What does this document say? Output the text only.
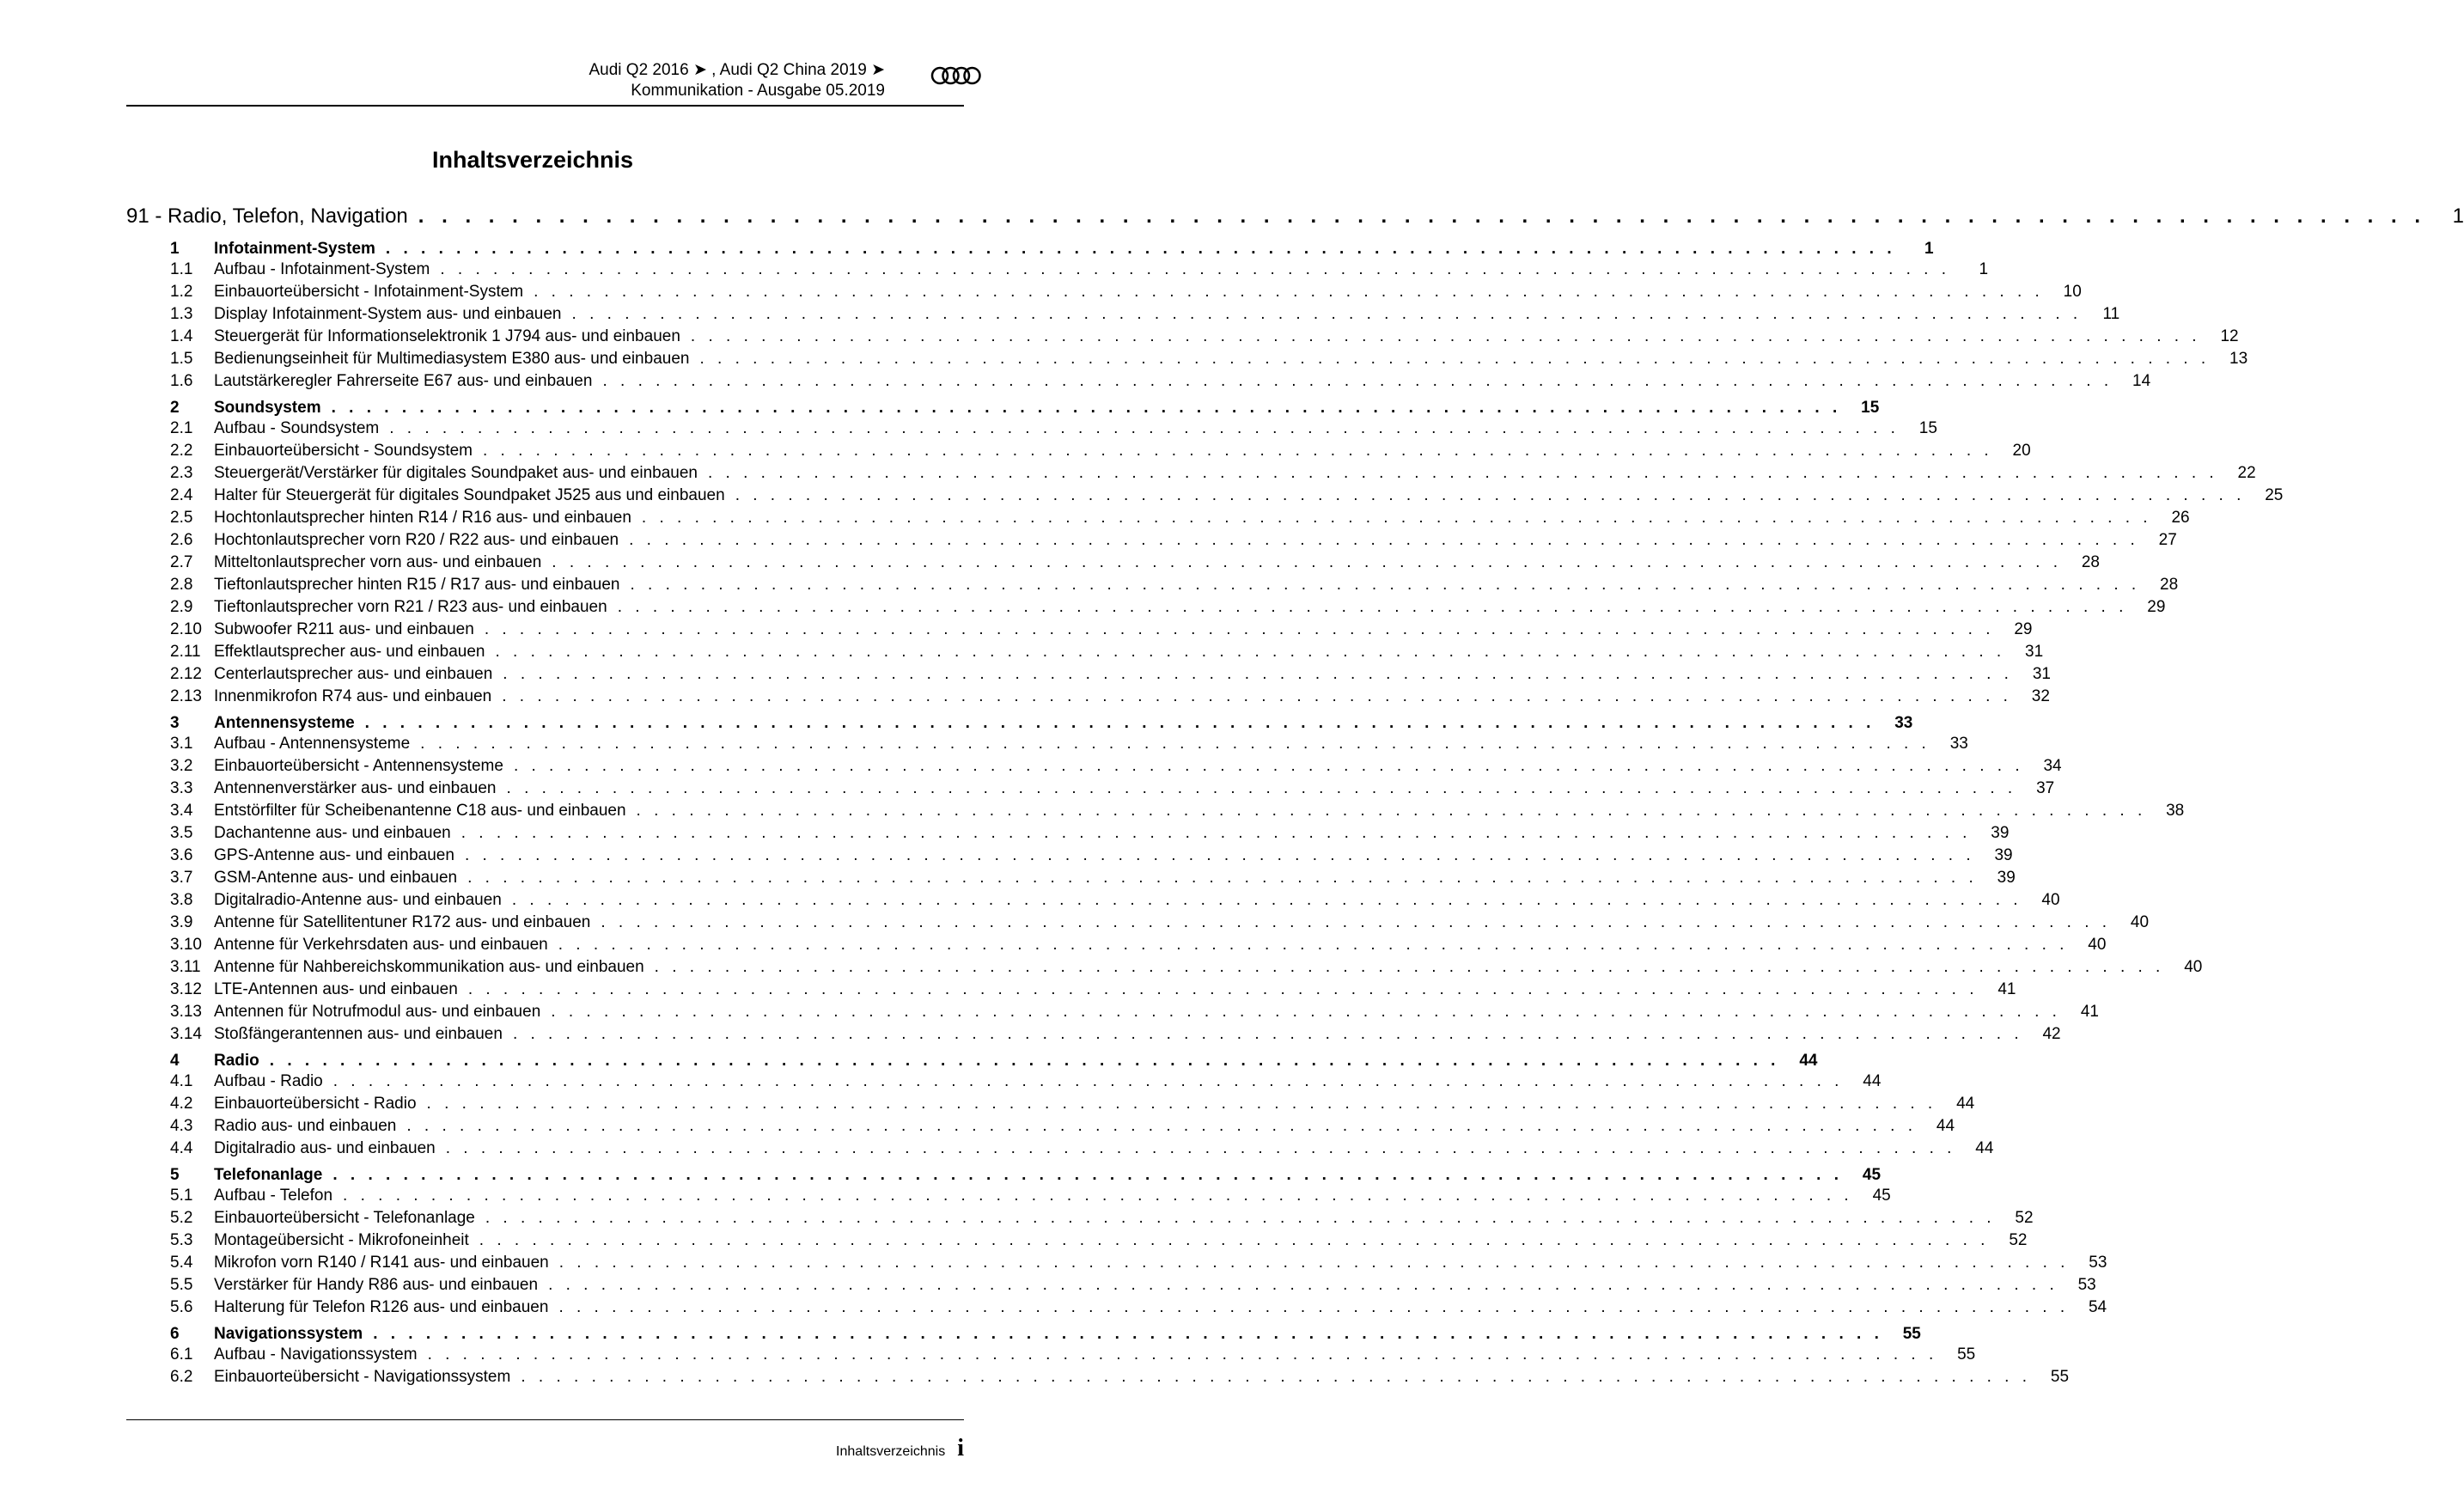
Audi Q2 2016 ➤ , Audi Q2 China 2019 ➤
Kommunikation - Ausgabe 05.2019
Inhaltsverzeichnis
91 - Radio, Telefon, Navigation . . . . . . . . . . . . . . . . . . . . . . . . . . . . . . . . . . . . . . . . . . . . . . . . . . . . . . . . . . . . . . . . . . . . . . . . . . . . . . . . . . . . . .	1
1	Infotainment-System . . . . . . . . . . . . . . . . . . . . . . . . . . . . . . . . . . . . . . . . . . . . . . . . . . . . . . . . . . . . . . . . . . . . . . . . . . . . . . . . . . . . . .	1
1.1	Aufbau - Infotainment-System . . . . . . . . . . . . . . . . . . . . . . . . . . . . . . . . . . . . . . . . . . . . . . . . . . . . . . . . . . . . . . . . . . . . . . . . . . . . . . . . . . . . . .	1
1.2	Einbauorteübersicht - Infotainment-System . . . . . . . . . . . . . . . . . . . . . . . . . . . . . . . . . . . . . . . . . . . . . . . . . . . . . . . . . . . . . . . . . . . . . . . . . . . . . . . . . . . . . .	10
1.3	Display Infotainment-System aus- und einbauen . . . . . . . . . . . . . . . . . . . . . . . . . . . . . . . . . . . . . . . . . . . . . . . . . . . . . . . . . . . . . . . . . . . . . . . . . . . . . . . . . . . . . .	11
1.4	Steuergerät für Informationselektronik 1 J794 aus- und einbauen . . . . . . . . . . . . . . . . . . . . . . . . . . . . . . . . . . . . . . . . . . . . . . . . . . . . . . . . . . . . . . . . . . . . . . . . . . . . . . . . . . . . . .	12
1.5	Bedienungseinheit für Multimediasystem E380 aus- und einbauen . . . . . . . . . . . . . . . . . . . . . . . . . . . . . . . . . . . . . . . . . . . . . . . . . . . . . . . . . . . . . . . . . . . . . . . . . . . . . . . . . . . . . .	13
1.6	Lautstärkeregler Fahrerseite E67 aus- und einbauen . . . . . . . . . . . . . . . . . . . . . . . . . . . . . . . . . . . . . . . . . . . . . . . . . . . . . . . . . . . . . . . . . . . . . . . . . . . . . . . . . . . . . .	14
2	Soundsystem . . . . . . . . . . . . . . . . . . . . . . . . . . . . . . . . . . . . . . . . . . . . . . . . . . . . . . . . . . . . . . . . . . . . . . . . . . . . . . . . . . . . . .	15
2.1	Aufbau - Soundsystem . . . . . . . . . . . . . . . . . . . . . . . . . . . . . . . . . . . . . . . . . . . . . . . . . . . . . . . . . . . . . . . . . . . . . . . . . . . . . . . . . . . . . .	15
2.2	Einbauorteübersicht - Soundsystem . . . . . . . . . . . . . . . . . . . . . . . . . . . . . . . . . . . . . . . . . . . . . . . . . . . . . . . . . . . . . . . . . . . . . . . . . . . . . . . . . . . . . .	20
2.3	Steuergerät/Verstärker für digitales Soundpaket aus- und einbauen . . . . . . . . . . . . . . . . . . . . . . . . . . . . . . . . . . . . . . . . . . . . . . . . . . . . . . . . . . . . . . . . . . . . . . . . . . . . . . . . . . . . . .	22
2.4	Halter für Steuergerät für digitales Soundpaket J525 aus und einbauen . . . . . . . . . . . . . . . . . . . . . . . . . . . . . . . . . . . . . . . . . . . . . . . . . . . . . . . . . . . . . . . . . . . . . . . . . . . . . . . . . . . . . .	25
2.5	Hochtonlautsprecher hinten R14 / R16 aus- und einbauen . . . . . . . . . . . . . . . . . . . . . . . . . . . . . . . . . . . . . . . . . . . . . . . . . . . . . . . . . . . . . . . . . . . . . . . . . . . . . . . . . . . . . .	26
2.6	Hochtonlautsprecher vorn R20 / R22 aus- und einbauen . . . . . . . . . . . . . . . . . . . . . . . . . . . . . . . . . . . . . . . . . . . . . . . . . . . . . . . . . . . . . . . . . . . . . . . . . . . . . . . . . . . . . .	27
2.7	Mitteltonlautsprecher vorn aus- und einbauen . . . . . . . . . . . . . . . . . . . . . . . . . . . . . . . . . . . . . . . . . . . . . . . . . . . . . . . . . . . . . . . . . . . . . . . . . . . . . . . . . . . . . .	28
2.8	Tieftonlautsprecher hinten R15 / R17 aus- und einbauen . . . . . . . . . . . . . . . . . . . . . . . . . . . . . . . . . . . . . . . . . . . . . . . . . . . . . . . . . . . . . . . . . . . . . . . . . . . . . . . . . . . . . .	28
2.9	Tieftonlautsprecher vorn R21 / R23 aus- und einbauen . . . . . . . . . . . . . . . . . . . . . . . . . . . . . . . . . . . . . . . . . . . . . . . . . . . . . . . . . . . . . . . . . . . . . . . . . . . . . . . . . . . . . .	29
2.10 Subwoofer R211 aus- und einbauen . . . . . . . . . . . . . . . . . . . . . . . . . . . . . . . . . . . . . . . . . . . . . . . . . . . . . . . . . . . . . . . . . . . . . . . . . . . . . . . . . . . . . .	29
2.11 Effektlautsprecher aus- und einbauen . . . . . . . . . . . . . . . . . . . . . . . . . . . . . . . . . . . . . . . . . . . . . . . . . . . . . . . . . . . . . . . . . . . . . . . . . . . . . . . . . . . . . .	31
2.12 Centerlautsprecher aus- und einbauen . . . . . . . . . . . . . . . . . . . . . . . . . . . . . . . . . . . . . . . . . . . . . . . . . . . . . . . . . . . . . . . . . . . . . . . . . . . . . . . . . . . . . .	31
2.13 Innenmikrofon R74 aus- und einbauen . . . . . . . . . . . . . . . . . . . . . . . . . . . . . . . . . . . . . . . . . . . . . . . . . . . . . . . . . . . . . . . . . . . . . . . . . . . . . . . . . . . . . .	32
3	Antennensysteme . . . . . . . . . . . . . . . . . . . . . . . . . . . . . . . . . . . . . . . . . . . . . . . . . . . . . . . . . . . . . . . . . . . . . . . . . . . . . . . . . . . . . .	33
3.1	Aufbau - Antennensysteme . . . . . . . . . . . . . . . . . . . . . . . . . . . . . . . . . . . . . . . . . . . . . . . . . . . . . . . . . . . . . . . . . . . . . . . . . . . . . . . . . . . . . .	33
3.2	Einbauorteübersicht - Antennensysteme . . . . . . . . . . . . . . . . . . . . . . . . . . . . . . . . . . . . . . . . . . . . . . . . . . . . . . . . . . . . . . . . . . . . . . . . . . . . . . . . . . . . . .	34
3.3	Antennenverstärker aus- und einbauen . . . . . . . . . . . . . . . . . . . . . . . . . . . . . . . . . . . . . . . . . . . . . . . . . . . . . . . . . . . . . . . . . . . . . . . . . . . . . . . . . . . . . .	37
3.4	Entstörfilter für Scheibenantenne C18 aus- und einbauen . . . . . . . . . . . . . . . . . . . . . . . . . . . . . . . . . . . . . . . . . . . . . . . . . . . . . . . . . . . . . . . . . . . . . . . . . . . . . . . . . . . . . .	38
3.5	Dachantenne aus- und einbauen . . . . . . . . . . . . . . . . . . . . . . . . . . . . . . . . . . . . . . . . . . . . . . . . . . . . . . . . . . . . . . . . . . . . . . . . . . . . . . . . . . . . . .	39
3.6	GPS-Antenne aus- und einbauen . . . . . . . . . . . . . . . . . . . . . . . . . . . . . . . . . . . . . . . . . . . . . . . . . . . . . . . . . . . . . . . . . . . . . . . . . . . . . . . . . . . . . .	39
3.7	GSM-Antenne aus- und einbauen . . . . . . . . . . . . . . . . . . . . . . . . . . . . . . . . . . . . . . . . . . . . . . . . . . . . . . . . . . . . . . . . . . . . . . . . . . . . . . . . . . . . . .	39
3.8	Digitalradio-Antenne aus- und einbauen . . . . . . . . . . . . . . . . . . . . . . . . . . . . . . . . . . . . . . . . . . . . . . . . . . . . . . . . . . . . . . . . . . . . . . . . . . . . . . . . . . . . . .	40
3.9	Antenne für Satellitentuner R172 aus- und einbauen . . . . . . . . . . . . . . . . . . . . . . . . . . . . . . . . . . . . . . . . . . . . . . . . . . . . . . . . . . . . . . . . . . . . . . . . . . . . . . . . . . . . . .	40
3.10 Antenne für Verkehrsdaten aus- und einbauen . . . . . . . . . . . . . . . . . . . . . . . . . . . . . . . . . . . . . . . . . . . . . . . . . . . . . . . . . . . . . . . . . . . . . . . . . . . . . . . . . . . . . .	40
3.11 Antenne für Nahbereichskommunikation aus- und einbauen . . . . . . . . . . . . . . . . . . . . . . . . . . . . . . . . . . . . . . . . . . . . . . . . . . . . . . . . . . . . . . . . . . . . . . . . . . . . . . . . . . . . . .	40
3.12 LTE-Antennen aus- und einbauen . . . . . . . . . . . . . . . . . . . . . . . . . . . . . . . . . . . . . . . . . . . . . . . . . . . . . . . . . . . . . . . . . . . . . . . . . . . . . . . . . . . . . .	41
3.13 Antennen für Notrufmodul aus- und einbauen . . . . . . . . . . . . . . . . . . . . . . . . . . . . . . . . . . . . . . . . . . . . . . . . . . . . . . . . . . . . . . . . . . . . . . . . . . . . . . . . . . . . . .	41
3.14 Stoßfängerantennen aus- und einbauen . . . . . . . . . . . . . . . . . . . . . . . . . . . . . . . . . . . . . . . . . . . . . . . . . . . . . . . . . . . . . . . . . . . . . . . . . . . . . . . . . . . . . .	42
4	Radio . . . . . . . . . . . . . . . . . . . . . . . . . . . . . . . . . . . . . . . . . . . . . . . . . . . . . . . . . . . . . . . . . . . . . . . . . . . . . . . . . . . . . .	44
4.1	Aufbau - Radio . . . . . . . . . . . . . . . . . . . . . . . . . . . . . . . . . . . . . . . . . . . . . . . . . . . . . . . . . . . . . . . . . . . . . . . . . . . . . . . . . . . . . .	44
4.2	Einbauorteübersicht - Radio . . . . . . . . . . . . . . . . . . . . . . . . . . . . . . . . . . . . . . . . . . . . . . . . . . . . . . . . . . . . . . . . . . . . . . . . . . . . . . . . . . . . . .	44
4.3	Radio aus- und einbauen . . . . . . . . . . . . . . . . . . . . . . . . . . . . . . . . . . . . . . . . . . . . . . . . . . . . . . . . . . . . . . . . . . . . . . . . . . . . . . . . . . . . . .	44
4.4	Digitalradio aus- und einbauen . . . . . . . . . . . . . . . . . . . . . . . . . . . . . . . . . . . . . . . . . . . . . . . . . . . . . . . . . . . . . . . . . . . . . . . . . . . . . . . . . . . . . .	44
5	Telefonanlage . . . . . . . . . . . . . . . . . . . . . . . . . . . . . . . . . . . . . . . . . . . . . . . . . . . . . . . . . . . . . . . . . . . . . . . . . . . . . . . . . . . . . .	45
5.1	Aufbau - Telefon . . . . . . . . . . . . . . . . . . . . . . . . . . . . . . . . . . . . . . . . . . . . . . . . . . . . . . . . . . . . . . . . . . . . . . . . . . . . . . . . . . . . . .	45
5.2	Einbauorteübersicht - Telefonanlage . . . . . . . . . . . . . . . . . . . . . . . . . . . . . . . . . . . . . . . . . . . . . . . . . . . . . . . . . . . . . . . . . . . . . . . . . . . . . . . . . . . . . .	52
5.3	Montageübersicht - Mikrofoneinheit . . . . . . . . . . . . . . . . . . . . . . . . . . . . . . . . . . . . . . . . . . . . . . . . . . . . . . . . . . . . . . . . . . . . . . . . . . . . . . . . . . . . . .	52
5.4	Mikrofon vorn R140 / R141 aus- und einbauen . . . . . . . . . . . . . . . . . . . . . . . . . . . . . . . . . . . . . . . . . . . . . . . . . . . . . . . . . . . . . . . . . . . . . . . . . . . . . . . . . . . . . .	53
5.5	Verstärker für Handy R86 aus- und einbauen . . . . . . . . . . . . . . . . . . . . . . . . . . . . . . . . . . . . . . . . . . . . . . . . . . . . . . . . . . . . . . . . . . . . . . . . . . . . . . . . . . . . . .	53
5.6	Halterung für Telefon R126 aus- und einbauen . . . . . . . . . . . . . . . . . . . . . . . . . . . . . . . . . . . . . . . . . . . . . . . . . . . . . . . . . . . . . . . . . . . . . . . . . . . . . . . . . . . . . .	54
6	Navigationssystem . . . . . . . . . . . . . . . . . . . . . . . . . . . . . . . . . . . . . . . . . . . . . . . . . . . . . . . . . . . . . . . . . . . . . . . . . . . . . . . . . . . . . .	55
6.1	Aufbau - Navigationssystem . . . . . . . . . . . . . . . . . . . . . . . . . . . . . . . . . . . . . . . . . . . . . . . . . . . . . . . . . . . . . . . . . . . . . . . . . . . . . . . . . . . . . .	55
6.2	Einbauorteübersicht - Navigationssystem . . . . . . . . . . . . . . . . . . . . . . . . . . . . . . . . . . . . . . . . . . . . . . . . . . . . . . . . . . . . . . . . . . . . . . . . . . . . . . . . . . . . . .	55
Inhaltsverzeichnis i
